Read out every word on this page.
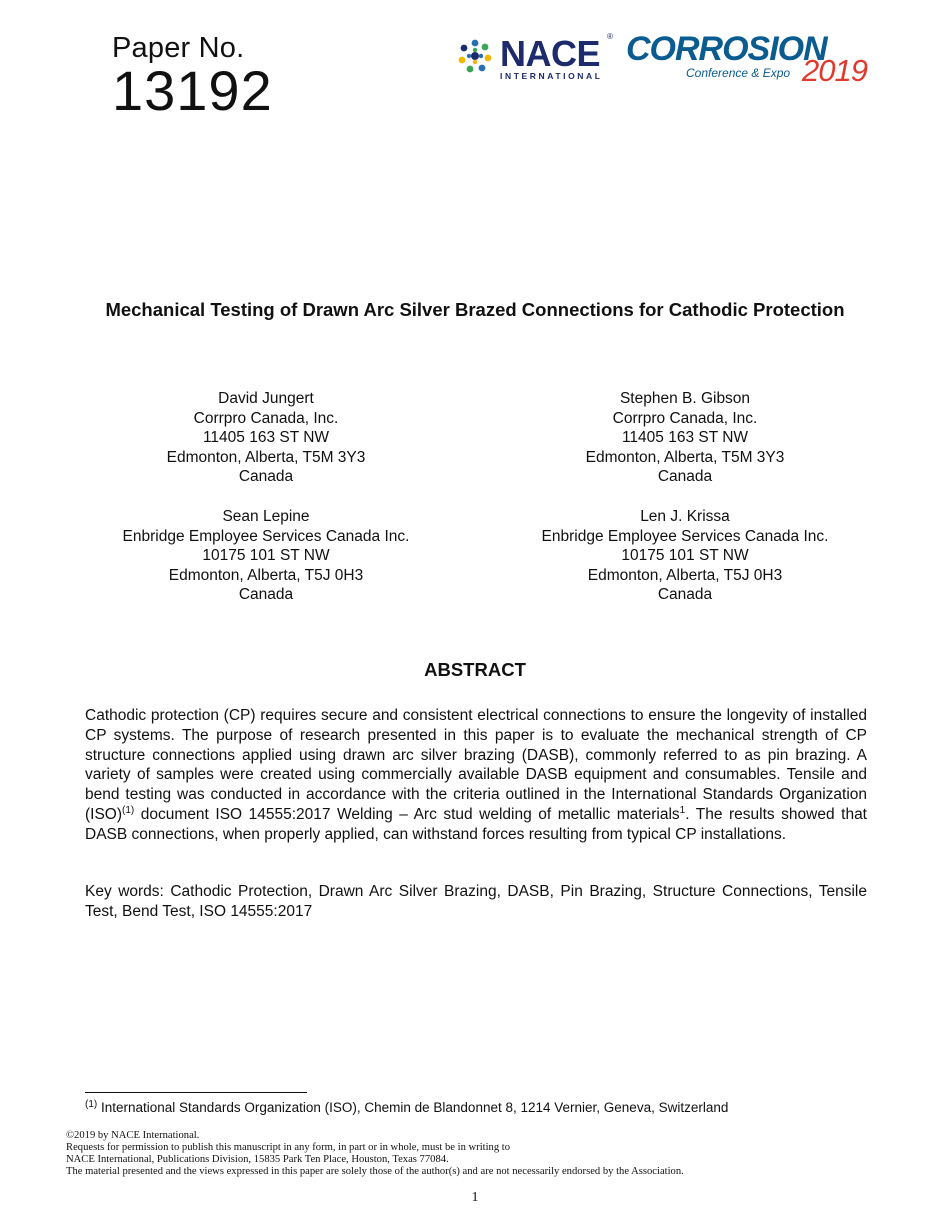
Paper No.
13192
NACE ®
INTERNATIONAL
CORROSION
Conference & Expo 2019
Mechanical Testing of Drawn Arc Silver Brazed Connections for Cathodic Protection
David Jungert
Corrpro Canada, Inc.
11405 163 ST NW
Edmonton, Alberta, T5M 3Y3
Canada
Stephen B. Gibson
Corrpro Canada, Inc.
11405 163 ST NW
Edmonton, Alberta, T5M 3Y3
Canada
Sean Lepine
Enbridge Employee Services Canada Inc.
10175 101 ST NW
Edmonton, Alberta, T5J 0H3
Canada
Len J. Krissa
Enbridge Employee Services Canada Inc.
10175 101 ST NW
Edmonton, Alberta, T5J 0H3
Canada
ABSTRACT
Cathodic protection (CP) requires secure and consistent electrical connections to ensure the longevity of installed CP systems. The purpose of research presented in this paper is to evaluate the mechanical strength of CP structure connections applied using drawn arc silver brazing (DASB), commonly referred to as pin brazing. A variety of samples were created using commercially available DASB equipment and consumables. Tensile and bend testing was conducted in accordance with the criteria outlined in the International Standards Organization (ISO)$^{(1)}$ document ISO 14555:2017 Welding – Arc stud welding of metallic materials$^1$. The results showed that DASB connections, when properly applied, can withstand forces resulting from typical CP installations.
Key words: Cathodic Protection, Drawn Arc Silver Brazing, DASB, Pin Brazing, Structure Connections, Tensile Test, Bend Test, ISO 14555:2017
$^{(1)}$ International Standards Organization (ISO), Chemin de Blandonnet 8, 1214 Vernier, Geneva, Switzerland
©2019 by NACE International.
Requests for permission to publish this manuscript in any form, in part or in whole, must be in writing to
NACE International, Publications Division, 15835 Park Ten Place, Houston, Texas 77084.
The material presented and the views expressed in this paper are solely those of the author(s) and are not necessarily endorsed by the Association.
1
